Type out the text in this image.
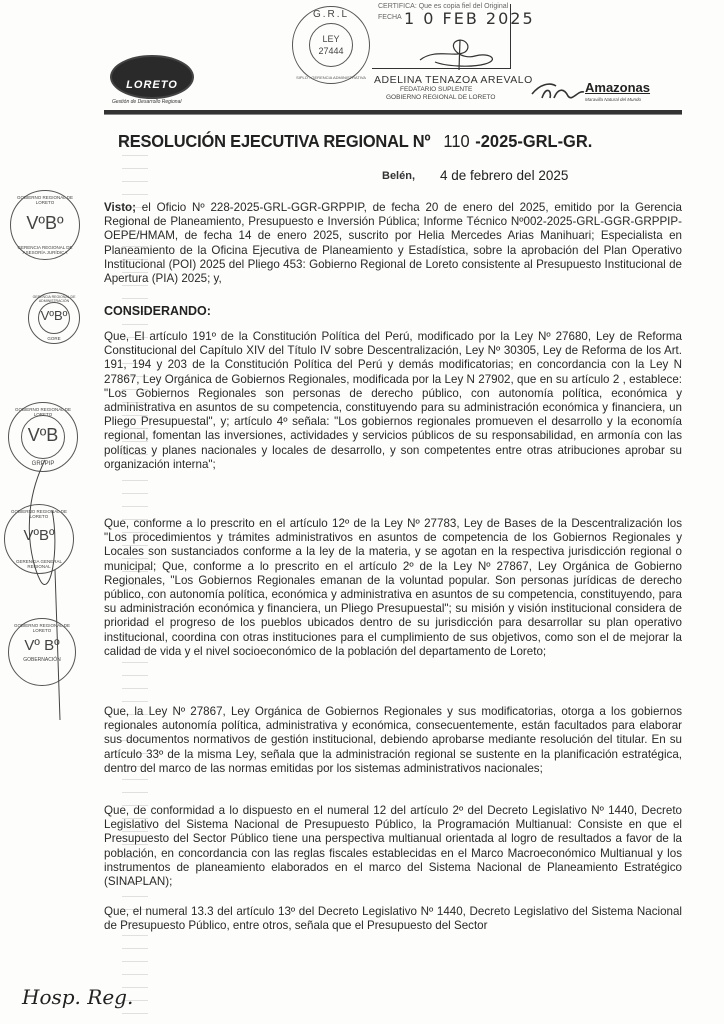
LORETO
Gestión de Desarrollo Regional
G.R.L
LEY
27444
SIPLO - GERENCIA ADMINISTRATIVA
CERTIFICA: Que es copia fiel del Original
FECHA 1 0 FEB 2025
ADELINA TENAZOA AREVALO
FEDATARIO SUPLENTE
GOBIERNO REGIONAL DE LORETO
Amazonas
Maravilla Natural del Mundo
RESOLUCIÓN EJECUTIVA REGIONAL Nº 110 -2025-GRL-GR.
Belén, 4 de febrero del 2025
Visto; el Oficio Nº 228-2025-GRL-GGR-GRPPIP, de fecha 20 de enero del 2025, emitido por la Gerencia Regional de Planeamiento, Presupuesto e Inversión Pública; Informe Técnico Nº002-2025-GRL-GGR-GRPPIP-OEPE/HMAM, de fecha 14 de enero 2025, suscrito por Helia Mercedes Arias Manihuari; Especialista en Planeamiento de la Oficina Ejecutiva de Planeamiento y Estadística, sobre la aprobación del Plan Operativo Institucional (POI) 2025 del Pliego 453: Gobierno Regional de Loreto consistente al Presupuesto Institucional de Apertura (PIA) 2025; y,
CONSIDERANDO:
Que, El artículo 191º de la Constitución Política del Perú, modificado por la Ley Nº 27680, Ley de Reforma Constitucional del Capítulo XIV del Título IV sobre Descentralización, Ley Nº 30305, Ley de Reforma de los Art. 191, 194 y 203 de la Constitución Política del Perú y demás modificatorias; en concordancia con la Ley N 27867, Ley Orgánica de Gobiernos Regionales, modificada por la Ley N 27902, que en su artículo 2 , establece: "Los Gobiernos Regionales son personas de derecho público, con autonomía política, económica y administrativa en asuntos de su competencia, constituyendo para su administración económica y financiera, un Pliego Presupuestal", y; artículo 4º señala: "Los gobiernos regionales promueven el desarrollo y la economía regional, fomentan las inversiones, actividades y servicios públicos de su responsabilidad, en armonía con las políticas y planes nacionales y locales de desarrollo, y son competentes entre otras atribuciones aprobar su organización interna";
Que, conforme a lo prescrito en el artículo 12º de la Ley Nº 27783, Ley de Bases de la Descentralización los "Los procedimientos y trámites administrativos en asuntos de competencia de los Gobiernos Regionales y Locales son sustanciados conforme a la ley de la materia, y se agotan en la respectiva jurisdicción regional o municipal; Que, conforme a lo prescrito en el artículo 2º de la Ley Nº 27867, Ley Orgánica de Gobierno Regionales, "Los Gobiernos Regionales emanan de la voluntad popular. Son personas jurídicas de derecho público, con autonomía política, económica y administrativa en asuntos de su competencia, constituyendo, para su administración económica y financiera, un Pliego Presupuestal"; su misión y visión institucional considera de prioridad el progreso de los pueblos ubicados dentro de su jurisdicción para desarrollar su plan operativo institucional, coordina con otras instituciones para el cumplimiento de sus objetivos, como son el de mejorar la calidad de vida y el nivel socioeconómico de la población del departamento de Loreto;
Que, la Ley Nº 27867, Ley Orgánica de Gobiernos Regionales y sus modificatorias, otorga a los gobiernos regionales autonomía política, administrativa y económica, consecuentemente, están facultados para elaborar sus documentos normativos de gestión institucional, debiendo aprobarse mediante resolución del titular. En su artículo 33º de la misma Ley, señala que la administración regional se sustente en la planificación estratégica, dentro del marco de las normas emitidas por los sistemas administrativos nacionales;
Que, de conformidad a lo dispuesto en el numeral 12 del artículo 2º del Decreto Legislativo Nº 1440, Decreto Legislativo del Sistema Nacional de Presupuesto Público, la Programación Multianual: Consiste en que el Presupuesto del Sector Público tiene una perspectiva multianual orientada al logro de resultados a favor de la población, en concordancia con las reglas fiscales establecidas en el Marco Macroeconómico Multianual y los instrumentos de planeamiento elaborados en el marco del Sistema Nacional de Planeamiento Estratégico (SINAPLAN);
Que, el numeral 13.3 del artículo 13º del Decreto Legislativo Nº 1440, Decreto Legislativo del Sistema Nacional de Presupuesto Público, entre otros, señala que el Presupuesto del Sector
GOBIERNO REGIONAL DE LORETO
VºBº
GERENCIA REGIONAL DE ASESORÍA JURÍDICA
GERENCIA REGIONAL DE ADMINISTRACIÓN
VºBº
GORE
GOBIERNO REGIONAL DE LORETO
VºB
GRPPIP
GOBIERNO REGIONAL DE LORETO
VºBº
GERENCIA GENERAL REGIONAL
GOBIERNO REGIONAL DE LORETO
Vº Bº
GOBERNACIÓN
Hosp. Reg.
